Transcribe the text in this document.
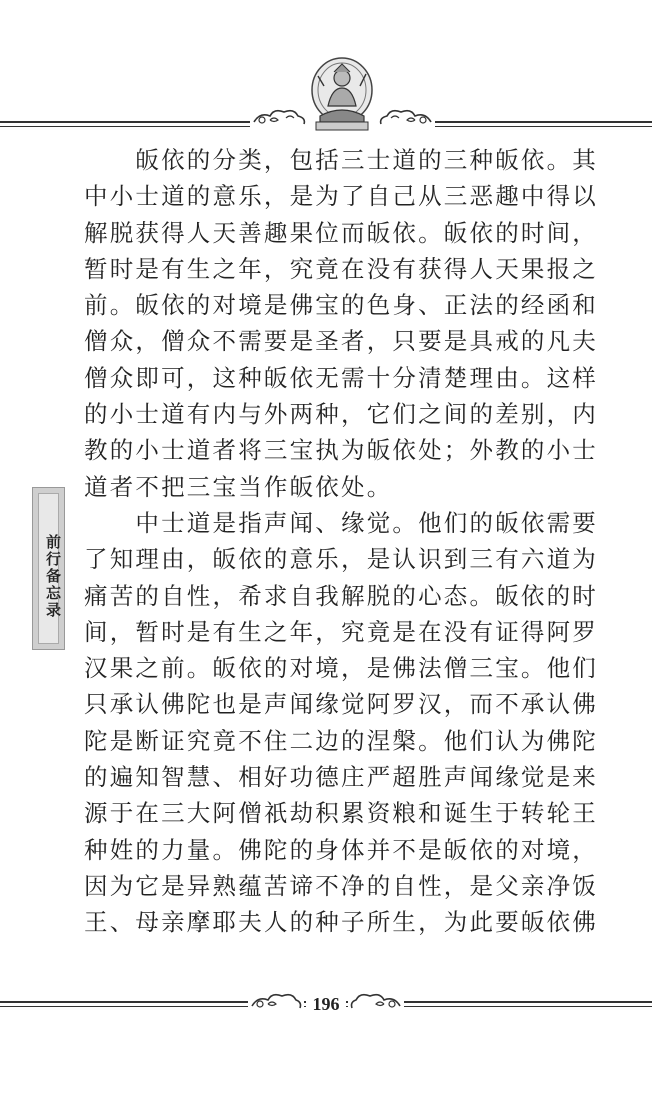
前行备忘录

　　皈依的分类，包括三士道的三种皈依。其

中小士道的意乐，是为了自己从三恶趣中得以

解脱获得人天善趣果位而皈依。皈依的时间，

暂时是有生之年，究竟在没有获得人天果报之

前。皈依的对境是佛宝的色身、正法的经函和

僧众，僧众不需要是圣者，只要是具戒的凡夫

僧众即可，这种皈依无需十分清楚理由。这样

的小士道有内与外两种，它们之间的差别，内

教的小士道者将三宝执为皈依处；外教的小士

道者不把三宝当作皈依处。

　　中士道是指声闻、缘觉。他们的皈依需要

了知理由，皈依的意乐，是认识到三有六道为

痛苦的自性，希求自我解脱的心态。皈依的时

间，暂时是有生之年，究竟是在没有证得阿罗

汉果之前。皈依的对境，是佛法僧三宝。他们

只承认佛陀也是声闻缘觉阿罗汉，而不承认佛

陀是断证究竟不住二边的涅槃。他们认为佛陀

的遍知智慧、相好功德庄严超胜声闻缘觉是来

源于在三大阿僧祇劫积累资粮和诞生于转轮王

种姓的力量。佛陀的身体并不是皈依的对境，

因为它是异熟蕴苦谛不净的自性，是父亲净饭

王、母亲摩耶夫人的种子所生，为此要皈依佛

196
